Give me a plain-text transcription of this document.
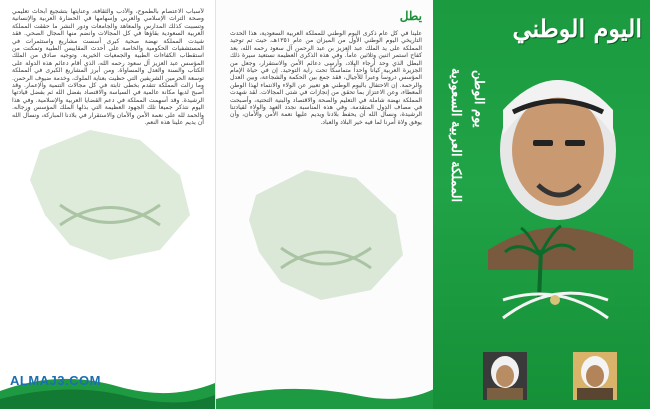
لأسباب الاعتصام بالطموح، والأدب والثقافة، وعنايتها بتشجيع أبحاث تعليمي وصحة التراث الإسلامي والعربي وإسهامها في الحضارة العربية والإنسانية وتسببت كذلك المدارس والمعاهد والجامعات ودور النشر ما حققت المملكة العربية السعودية بقاؤها في كل المجالات وانضم منها المجال الصحي. فقد شيدت المملكة نهضة صحية كبرى أسست مشاريع واستثمرات في المستشفيات الحكومية والخاصة على أحدث المقاييس الطبية وتمكنت من استقطاب الكفاءات الطبية والجمعيات الخيرية. وتوجيه صادق من الملك المؤسس عبد العزيز آل سعود رحمه الله، الذي أقام دعائم هذه الدولة على الكتاب والسنة والعدل والمساواة. ومن أبرز المشاريع الكبرى في المملكة توسعة الحرمين الشريفين التي حظيت بعناية الملوك، وخدمة ضيوف الرحمن. وما زالت المملكة تتقدم بخطى ثابتة في كل مجالات التنمية والإعمار. وقد أصبح لديها مكانة عالمية في السياسة والاقتصاد بفضل الله ثم بفضل قيادتها الرشيدة. وقد أسهمت المملكة في دعم القضايا العربية والإسلامية. وفي هذا اليوم نتذكر جميعاً تلك الجهود العظيمة التي بذلها الملك المؤسس ورجاله. والحمد لله على نعمة الأمن والأمان والاستقرار في بلادنا المباركة، ونسأل الله أن يديم علينا هذه النعم.
ALMAJ3.COM
يطل
علينا في كل عام ذكرى اليوم الوطني للمملكة العربية السعودية، هذا الحدث التاريخي اليوم الوطني الأول من الميزان من عام ١٣٥١هـ، حيث تم توحيد المملكة على يد الملك عبد العزيز بن عبد الرحمن آل سعود رحمه الله، بعد كفاح استمر اثنين وثلاثين عاماً. وفي هذه الذكرى العظيمة نستعيد سيرة ذلك البطل الذي وحد أرجاء البلاد، وأرسى دعائم الأمن والاستقرار، وجعل من الجزيرة العربية كياناً واحداً متماسكاً تحت راية التوحيد. إن في حياة الإمام المؤسس دروساً وعبراً للأجيال، فقد جمع بين الحكمة والشجاعة، وبين العدل والرحمة. إن الاحتفال باليوم الوطني هو تعبير عن الولاء والانتماء لهذا الوطن المعطاء، وعن الاعتزاز بما تحقق من إنجازات في شتى المجالات. لقد شهدت المملكة نهضة شاملة في التعليم والصحة والاقتصاد والبنية التحتية، وأصبحت في مصاف الدول المتقدمة. وفي هذه المناسبة نجدد العهد والولاء لقيادتنا الرشيدة، ونسأل الله أن يحفظ بلادنا ويديم عليها نعمة الأمن والأمان، وأن يوفق ولاة أمرنا لما فيه خير البلاد والعباد.
اليوم الوطني
المملكة العربية السعودية يوم الوطن
